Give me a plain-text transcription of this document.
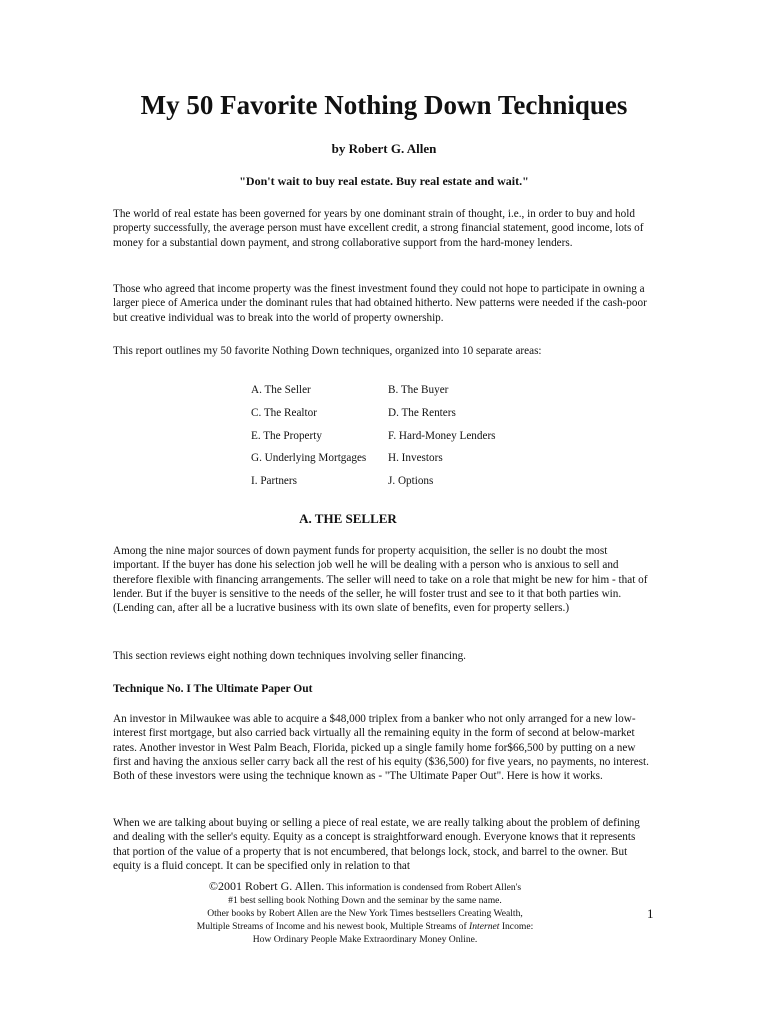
My 50 Favorite Nothing Down Techniques
by Robert G. Allen
"Don't wait to buy real estate. Buy real estate and wait."

The world of real estate has been governed for years by one dominant strain of thought, i.e., in order to buy and hold property successfully, the average person must have excellent credit, a strong financial statement, good income, lots of money for a substantial down payment, and strong collaborative support from the hard-money lenders.

Those who agreed that income property was the finest investment found they could not hope to participate in owning a larger piece of America under the dominant rules that had obtained hitherto. New patterns were needed if the cash-poor but creative individual was to break into the world of property ownership.

This report outlines my 50 favorite Nothing Down techniques, organized into 10 separate areas:

A. The Seller	B. The Buyer
C. The Realtor	D. The Renters
E. The Property	F. Hard-Money Lenders
G. Underlying Mortgages	H. Investors
I. Partners	J. Options
A. THE SELLER

Among the nine major sources of down payment funds for property acquisition, the seller is no doubt the most important. If the buyer has done his selection job well he will be dealing with a person who is anxious to sell and therefore flexible with financing arrangements. The seller will need to take on a role that might be new for him - that of lender. But if the buyer is sensitive to the needs of the seller, he will foster trust and see to it that both parties win. (Lending can, after all be a lucrative business with its own slate of benefits, even for property sellers.)

This section reviews eight nothing down techniques involving seller financing.

Technique No. I The Ultimate Paper Out

An investor in Milwaukee was able to acquire a $48,000 triplex from a banker who not only arranged for a new low-interest first mortgage, but also carried back virtually all the remaining equity in the form of second at below-market rates. Another investor in West Palm Beach, Florida, picked up a single family home for$66,500 by putting on a new first and having the anxious seller carry back all the rest of his equity ($36,500) for five years, no payments, no interest. Both of these investors were using the technique known as - "The Ultimate Paper Out". Here is how it works.

When we are talking about buying or selling a piece of real estate, we are really talking about the problem of defining and dealing with the seller's equity. Equity as a concept is straightforward enough. Everyone knows that it represents that portion of the value of a property that is not encumbered, that belongs lock, stock, and barrel to the owner. But equity is a fluid concept. It can be specified only in relation to that

©2001 Robert G. Allen. This information is condensed from Robert Allen's
#1 best selling book Nothing Down and the seminar by the same name.
Other books by Robert Allen are the New York Times bestsellers Creating Wealth,
Multiple Streams of Income and his newest book, Multiple Streams of Internet Income:
How Ordinary People Make Extraordinary Money Online.
1
